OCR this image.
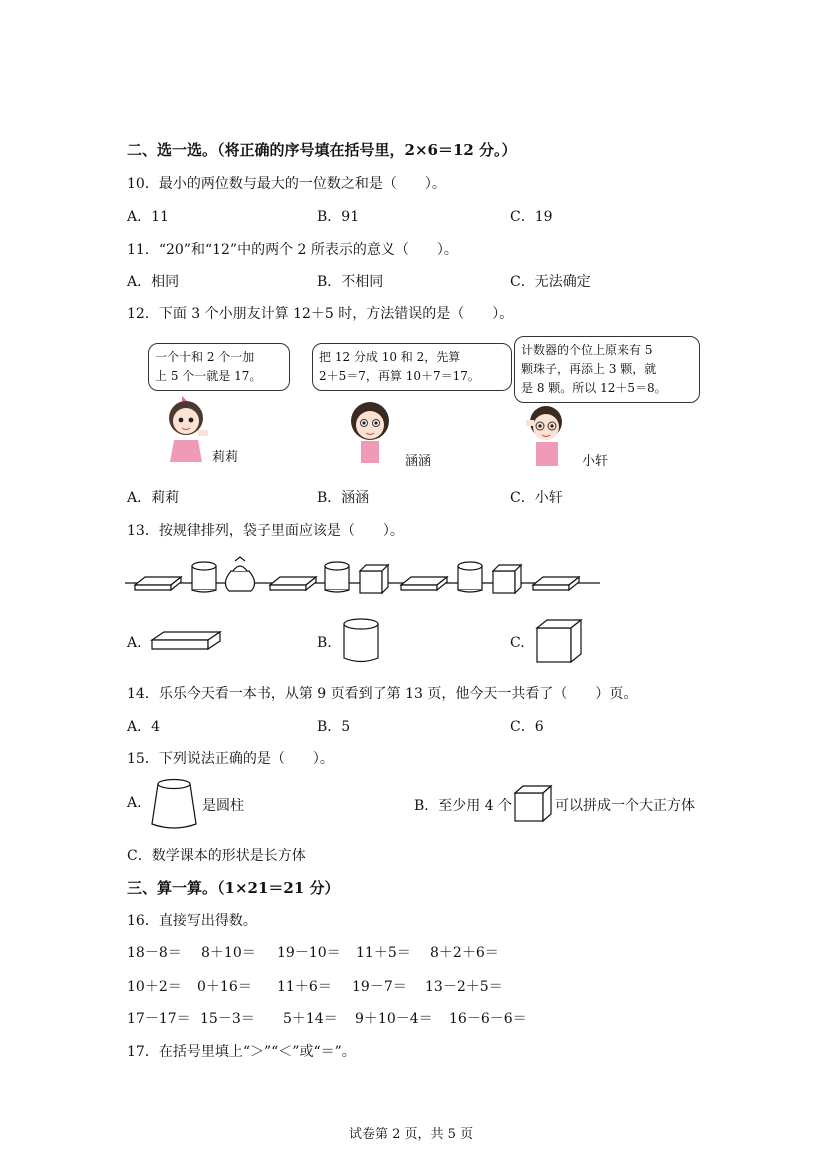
二、选一选。（将正确的序号填在括号里，2×6＝12 分。）
10．最小的两位数与最大的一位数之和是（　　）。
A．11	B．91	C．19
11．“20”和“12”中的两个 2 所表示的意义（　　）。
A．相同	B．不相同	C．无法确定
12．下面 3 个小朋友计算 12＋5 时，方法错误的是（　　）。
一个十和 2 个一加
上 5 个一就是 17。
把 12 分成 10 和 2，先算
2＋5＝7，再算 10＋7＝17。
计数器的个位上原来有 5
颗珠子，再添上 3 颗，就
是 8 颗。所以 12＋5＝8。
莉莉	涵涵	小轩
A．莉莉	B．涵涵	C．小轩
13．按规律排列，袋子里面应该是（　　）。
A.	B.	C.
14．乐乐今天看一本书，从第 9 页看到了第 13 页，他今天一共看了（　　）页。
A．4	B．5	C．6
15．下列说法正确的是（　　）。
A.	是圆柱	B．至少用 4 个	可以拼成一个大正方体
C．数学课本的形状是长方体
三、算一算。（1×21＝21 分）
16．直接写出得数。
18－8＝ 8＋10＝ 19－10＝ 11＋5＝ 8＋2＋6＝
10＋2＝ 0＋16＝ 11＋6＝ 19－7＝ 13－2＋5＝
17－17＝ 15－3＝ 5＋14＝ 9＋10－4＝ 16－6－6＝
17．在括号里填上“＞”“＜”或“＝”。
试卷第 2 页，共 5 页
